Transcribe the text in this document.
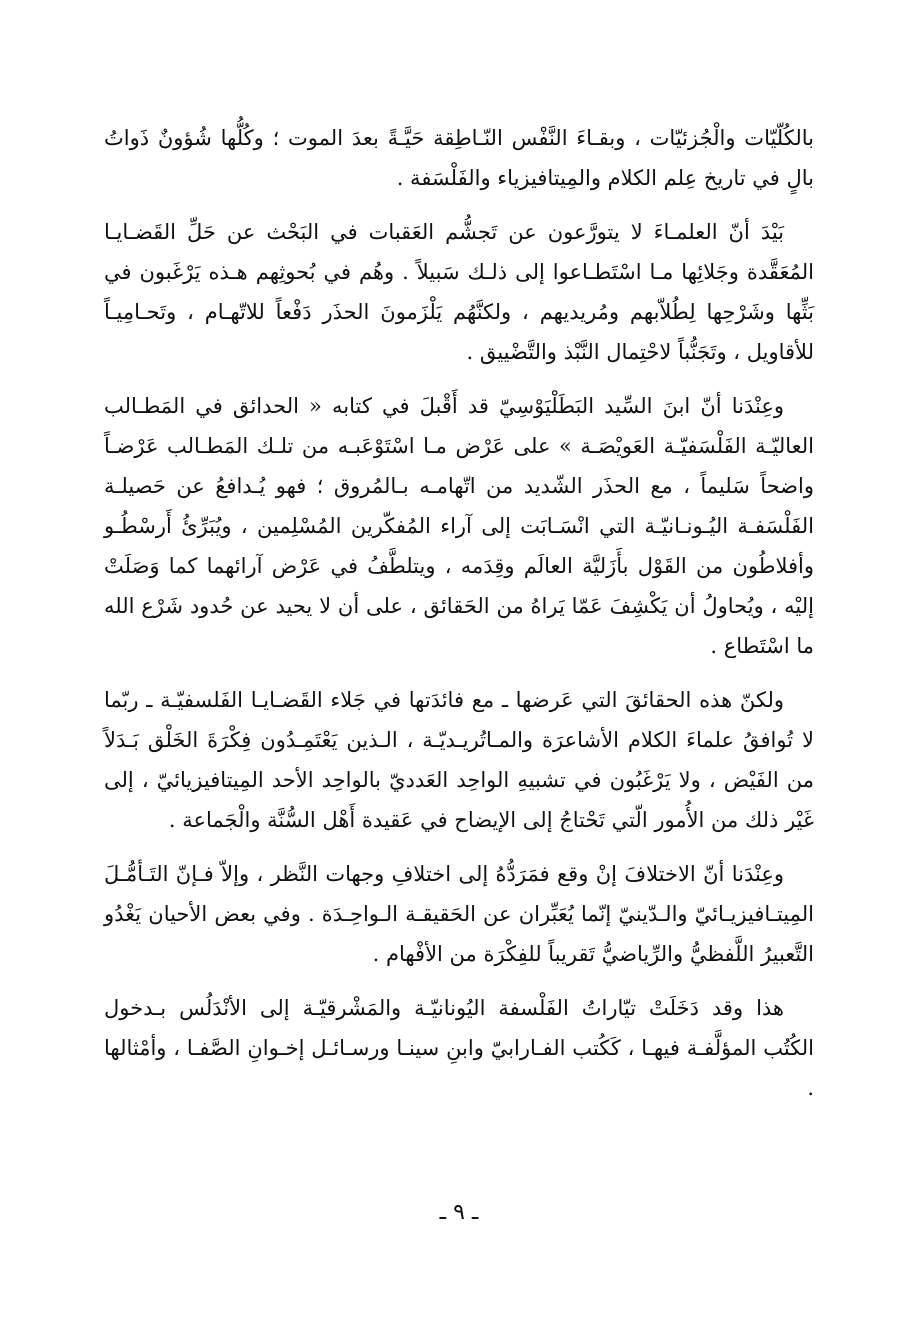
بالكُلّيّات والْجُزئيّات ، وبقـاءَ النَّفْس النّـاطِقة حَيَّـةً بعدَ الموت ؛ وكُلُّها شُؤونٌ ذَواتُ بالٍ في تاريخ عِلم الكلام والمِيتافيزياء والفَلْسَفة .

بَيْدَ أنّ العلمـاءَ لا يتورَّعون عن تَجشُّم العَقبات في البَحْث عن حَلِّ القَضـايـا المُعَقَّدة وجَلائِها مـا اسْتَطـاعوا إلى ذلـك سَبيلاً . وهُم في بُحوثِهم هـذه يَرْغَبون في بَثِّها وشَرْحِها لِطُلاّبهم ومُريديهم ، ولكنَّهُم يَلْزَمونَ الحذَر دَفْعاً للاتّهـام ، وتَحـامِيـاً للأقاويل ، وتَجَنُّباً لاحْتِمال النَّبْذ والتَّضْييق .

وعِنْدَنا أنّ ابنَ السِّيد البَطَلْيَوْسِيّ قد أَقْبلَ في كتابه « الحدائق في المَطـالب العاليّـة الفَلْسَفيّـة العَويْصَـة » على عَرْض مـا اسْتَوْعَبـه من تلـك المَطـالب عَرْضـاً واضحاً سَليماً ، مع الحذَر الشّديد من اتّهامـه بـالمُروق ؛ فهو يُـدافعُ عن حَصيلـة الفَلْسَفـة اليُـونـانيّـة التي انْسَـابَت إلى آراء المُفكّرين المُسْلِمين ، ويُبَرِّئُ أَرسْطُـو وأفلاطُون من القَوْل بأَزَليَّة العالَم وقِدَمه ، ويتلطَّفُ في عَرْض آرائهما كما وَصَلَتْ إليْه ، ويُحاولُ أن يَكْشِفَ عَمّا يَراهُ من الحَقائق ، على أن لا يحيد عن حُدود شَرْع الله ما اسْتَطاع .

ولكنّ هذه الحقائقَ التي عَرضها ـ مع فائدَتها في جَلاء القَضـايـا الفَلسفيّـة ـ ربّما لا تُوافقُ علماءَ الكلام الأشاعرَة والمـاتُريـديّـة ، الـذين يَعْتَمِـدُون فِكْرَةَ الخَلْق بَـدَلاً من الفَيْض ، ولا يَرْغَبُون في تشبيهِ الواحِد العَدديّ بالواحِد الأحد المِيتافيزيائيّ ، إلى غَيْر ذلك من الأُمور الّتي تَحْتاجُ إلى الإيضاح في عَقيدة أَهْل السُّنَّة والْجَماعة .

وعِنْدَنا أنّ الاختلافَ إنْ وقع فمَرَدُّهُ إلى اختلافِ وجهات النَّظر ، وإلاّ فـإنّ التَـأمُّـلَ المِيتـافيزيـائيّ والـدّينيّ إنّما يُعَبِّران عن الحَقيقـة الـواحِـدَة . وفي بعض الأحيان يَغْدُو التَّعبيرُ اللَّفظيُّ والرِّياضيُّ تَقريباً للفِكْرَة من الأفْهام .

هذا وقد دَخَلَتْ تيّاراتُ الفَلْسفة اليُونانيّـة والمَشْرقيّـة إلى الأنْدَلُس بـدخول الكُتُب المؤلَّفـة فيهـا ، كَكُتب الفـارابيّ وابنِ سينـا ورسـائـل إخـوانِ الصَّفـا ، وأمْثالها .

ـ ٩ ـ
